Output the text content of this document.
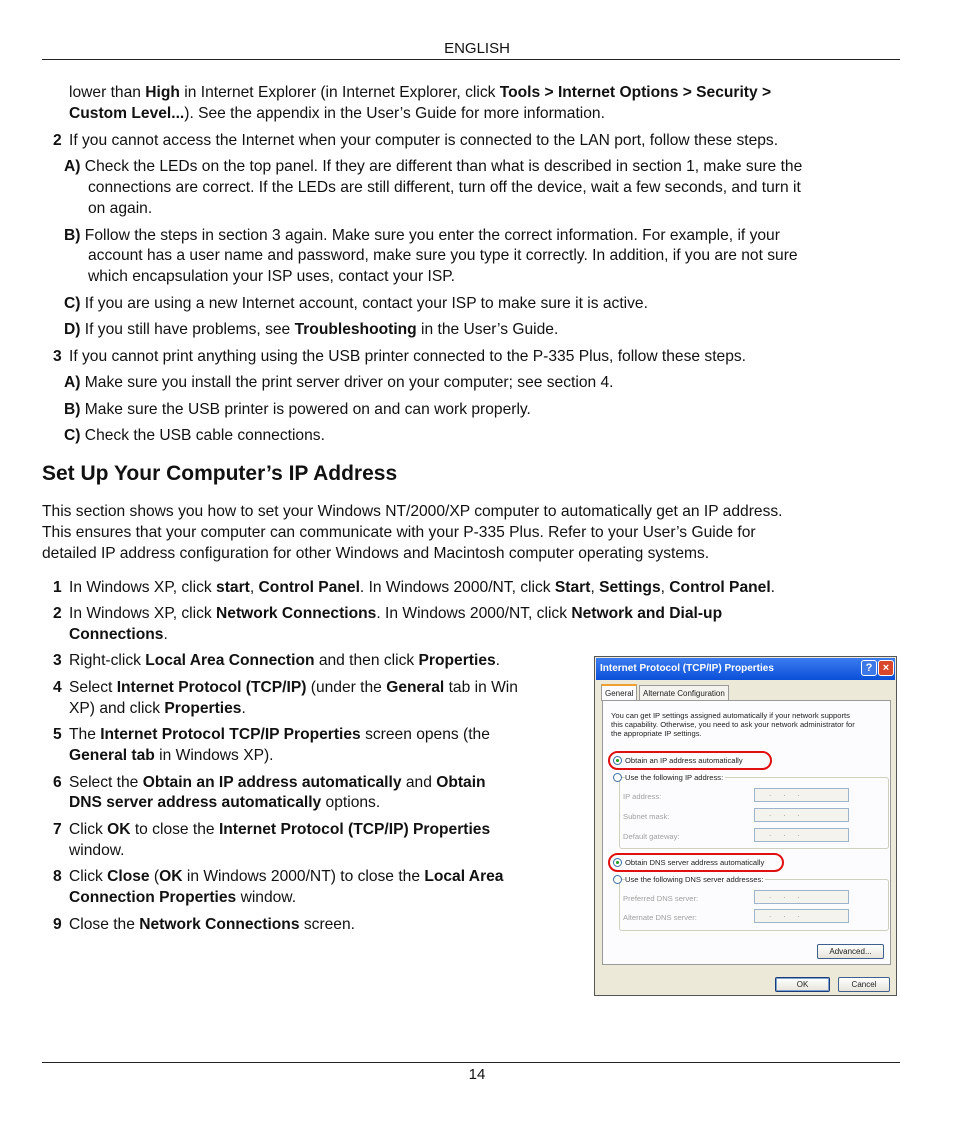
ENGLISH
lower than High in Internet Explorer (in Internet Explorer, click Tools > Internet Options > Security >
Custom Level...). See the appendix in the User’s Guide for more information.
2 If you cannot access the Internet when your computer is connected to the LAN port, follow these steps.
A) Check the LEDs on the top panel. If they are different than what is described in section 1, make sure the
connections are correct. If the LEDs are still different, turn off the device, wait a few seconds, and turn it
on again.
B) Follow the steps in section 3 again. Make sure you enter the correct information. For example, if your
account has a user name and password, make sure you type it correctly. In addition, if you are not sure
which encapsulation your ISP uses, contact your ISP.
C) If you are using a new Internet account, contact your ISP to make sure it is active.
D) If you still have problems, see Troubleshooting in the User’s Guide.
3 If you cannot print anything using the USB printer connected to the P-335 Plus, follow these steps.
A) Make sure you install the print server driver on your computer; see section 4.
B) Make sure the USB printer is powered on and can work properly.
C) Check the USB cable connections.
Set Up Your Computer’s IP Address
This section shows you how to set your Windows NT/2000/XP computer to automatically get an IP address.
This ensures that your computer can communicate with your P-335 Plus. Refer to your User’s Guide for
detailed IP address configuration for other Windows and Macintosh computer operating systems.
1 In Windows XP, click start, Control Panel. In Windows 2000/NT, click Start, Settings, Control Panel.
2 In Windows XP, click Network Connections. In Windows 2000/NT, click Network and Dial-up
Connections.
3 Right-click Local Area Connection and then click Properties.
4 Select Internet Protocol (TCP/IP) (under the General tab in Win
XP) and click Properties.
5 The Internet Protocol TCP/IP Properties screen opens (the
General tab in Windows XP).
6 Select the Obtain an IP address automatically and Obtain
DNS server address automatically options.
7 Click OK to close the Internet Protocol (TCP/IP) Properties
window.
8 Click Close (OK in Windows 2000/NT) to close the Local Area
Connection Properties window.
9 Close the Network Connections screen.
Internet Protocol (TCP/IP) Properties	? ×
General	Alternate Configuration
You can get IP settings assigned automatically if your network supports
this capability. Otherwise, you need to ask your network administrator for
the appropriate IP settings.
Obtain an IP address automatically
Use the following IP address:
IP address:	...
Subnet mask:	...
Default gateway:	...
Obtain DNS server address automatically
Use the following DNS server addresses:
Preferred DNS server:	...
Alternate DNS server:	...
Advanced...
OK	Cancel
14
